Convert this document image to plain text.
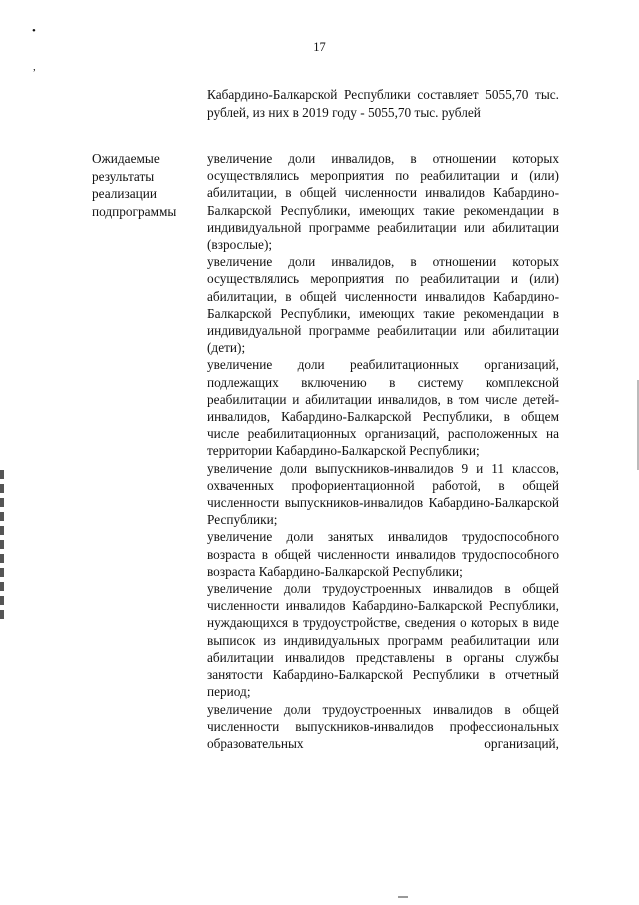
17
•
,
Кабардино-Балкарской Республики составляет 5055,70 тыс. рублей, из них в 2019 году - 5055,70 тыс. рублей
Ожидаемые
результаты
реализации
подпрограммы

увеличение доли инвалидов, в отношении которых осуществлялись мероприятия по реабилитации и (или) абилитации, в общей численности инвалидов Кабардино- Балкарской Республики, имеющих такие рекомендации в индивидуальной программе реабилитации или абилитации (взрослые);

увеличение доли инвалидов, в отношении которых осуществлялись мероприятия по реабилитации и (или) абилитации, в общей численности инвалидов Кабардино-Балкарской Республики, имеющих такие рекомендации в индивидуальной программе реабилитации или абилитации (дети);

увеличение доли реабилитационных организаций, подлежащих включению в систему комплексной реабилитации и абилитации инвалидов, в том числе детей-инвалидов, Кабардино-Балкарской Республики, в общем числе реабилитационных организаций, расположенных на территории Кабардино-Балкарской Республики;

увеличение доли выпускников-инвалидов 9 и 11 классов, охваченных профориентационной работой, в общей численности выпускников-инвалидов Кабардино-Балкарской Республики;

увеличение доли занятых инвалидов трудоспособного возраста в общей численности инвалидов трудоспособного возраста Кабардино-Балкарской Республики;

увеличение доли трудоустроенных инвалидов в общей численности инвалидов Кабардино-Балкарской Республики, нуждающихся в трудоустройстве, сведения о которых в виде выписок из индивидуальных программ реабилитации или абилитации инвалидов представлены в органы службы занятости Кабардино-Балкарской Республики в отчетный период;

увеличение доли трудоустроенных инвалидов в общей численности выпускников-инвалидов профессиональных образовательных организаций,
